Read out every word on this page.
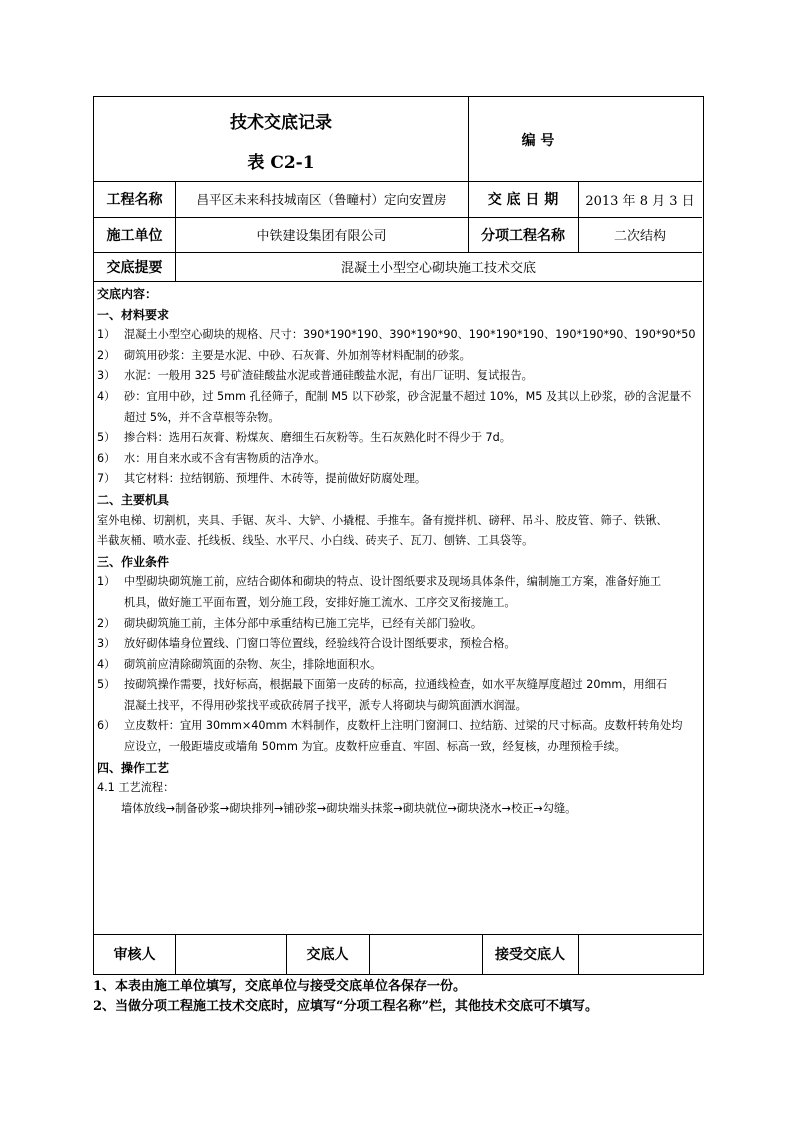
技术交底记录
表 C2-1
编 号
工程名称	昌平区未来科技城南区（鲁疃村）定向安置房	交 底 日 期	2013 年 8 月 3 日
施工单位	中铁建设集团有限公司	分项工程名称	二次结构
交底提要	混凝土小型空心砌块施工技术交底
交底内容：
一、材料要求
1） 混凝土小型空心砌块的规格、尺寸：390*190*190、390*190*90、190*190*190、190*190*90、190*90*50
2） 砌筑用砂浆：主要是水泥、中砂、石灰膏、外加剂等材料配制的砂浆。
3） 水泥：一般用 325 号矿渣硅酸盐水泥或普通硅酸盐水泥，有出厂证明、复试报告。
4） 砂：宜用中砂，过 5mm 孔径筛子，配制 M5 以下砂浆，砂含泥量不超过 10%，M5 及其以上砂浆，砂的含泥量不
超过 5%，并不含草根等杂物。
5） 掺合料：选用石灰膏、粉煤灰、磨细生石灰粉等。生石灰熟化时不得少于 7d。
6） 水：用自来水或不含有害物质的洁净水。
7） 其它材料：拉结钢筋、预埋件、木砖等，提前做好防腐处理。
二、主要机具
室外电梯、切割机，夹具、手锯、灰斗、大铲、小撬棍、手推车。备有搅拌机、磅秤、吊斗、胶皮管、筛子、铁锹、
半截灰桶、喷水壶、托线板、线坠、水平尺、小白线、砖夹子、瓦刀、刨锛、工具袋等。
三、作业条件
1） 中型砌块砌筑施工前，应结合砌体和砌块的特点、设计图纸要求及现场具体条件，编制施工方案，准备好施工
机具，做好施工平面布置，划分施工段，安排好施工流水、工序交叉衔接施工。
2） 砌块砌筑施工前，主体分部中承重结构已施工完毕，已经有关部门验收。
3） 放好砌体墙身位置线、门窗口等位置线，经验线符合设计图纸要求，预检合格。
4） 砌筑前应清除砌筑面的杂物、灰尘，排除地面积水。
5） 按砌筑操作需要，找好标高，根据最下面第一皮砖的标高，拉通线检查，如水平灰缝厚度超过 20mm，用细石
混凝土找平，不得用砂浆找平或砍砖屑子找平，派专人将砌块与砌筑面洒水润湿。
6） 立皮数杆：宜用 30mm×40mm 木料制作，皮数杆上注明门窗洞口、拉结筋、过梁的尺寸标高。皮数杆转角处均
应设立，一般距墙皮或墙角 50mm 为宜。皮数杆应垂直、牢固、标高一致，经复核，办理预检手续。
四、操作工艺
4.1 工艺流程：
墙体放线→制备砂浆→砌块排列→铺砂浆→砌块端头抹浆→砌块就位→砌块浇水→校正→勾缝。
审核人	交底人	接受交底人
1、本表由施工单位填写，交底单位与接受交底单位各保存一份。
2、当做分项工程施工技术交底时，应填写“分项工程名称”栏，其他技术交底可不填写。
